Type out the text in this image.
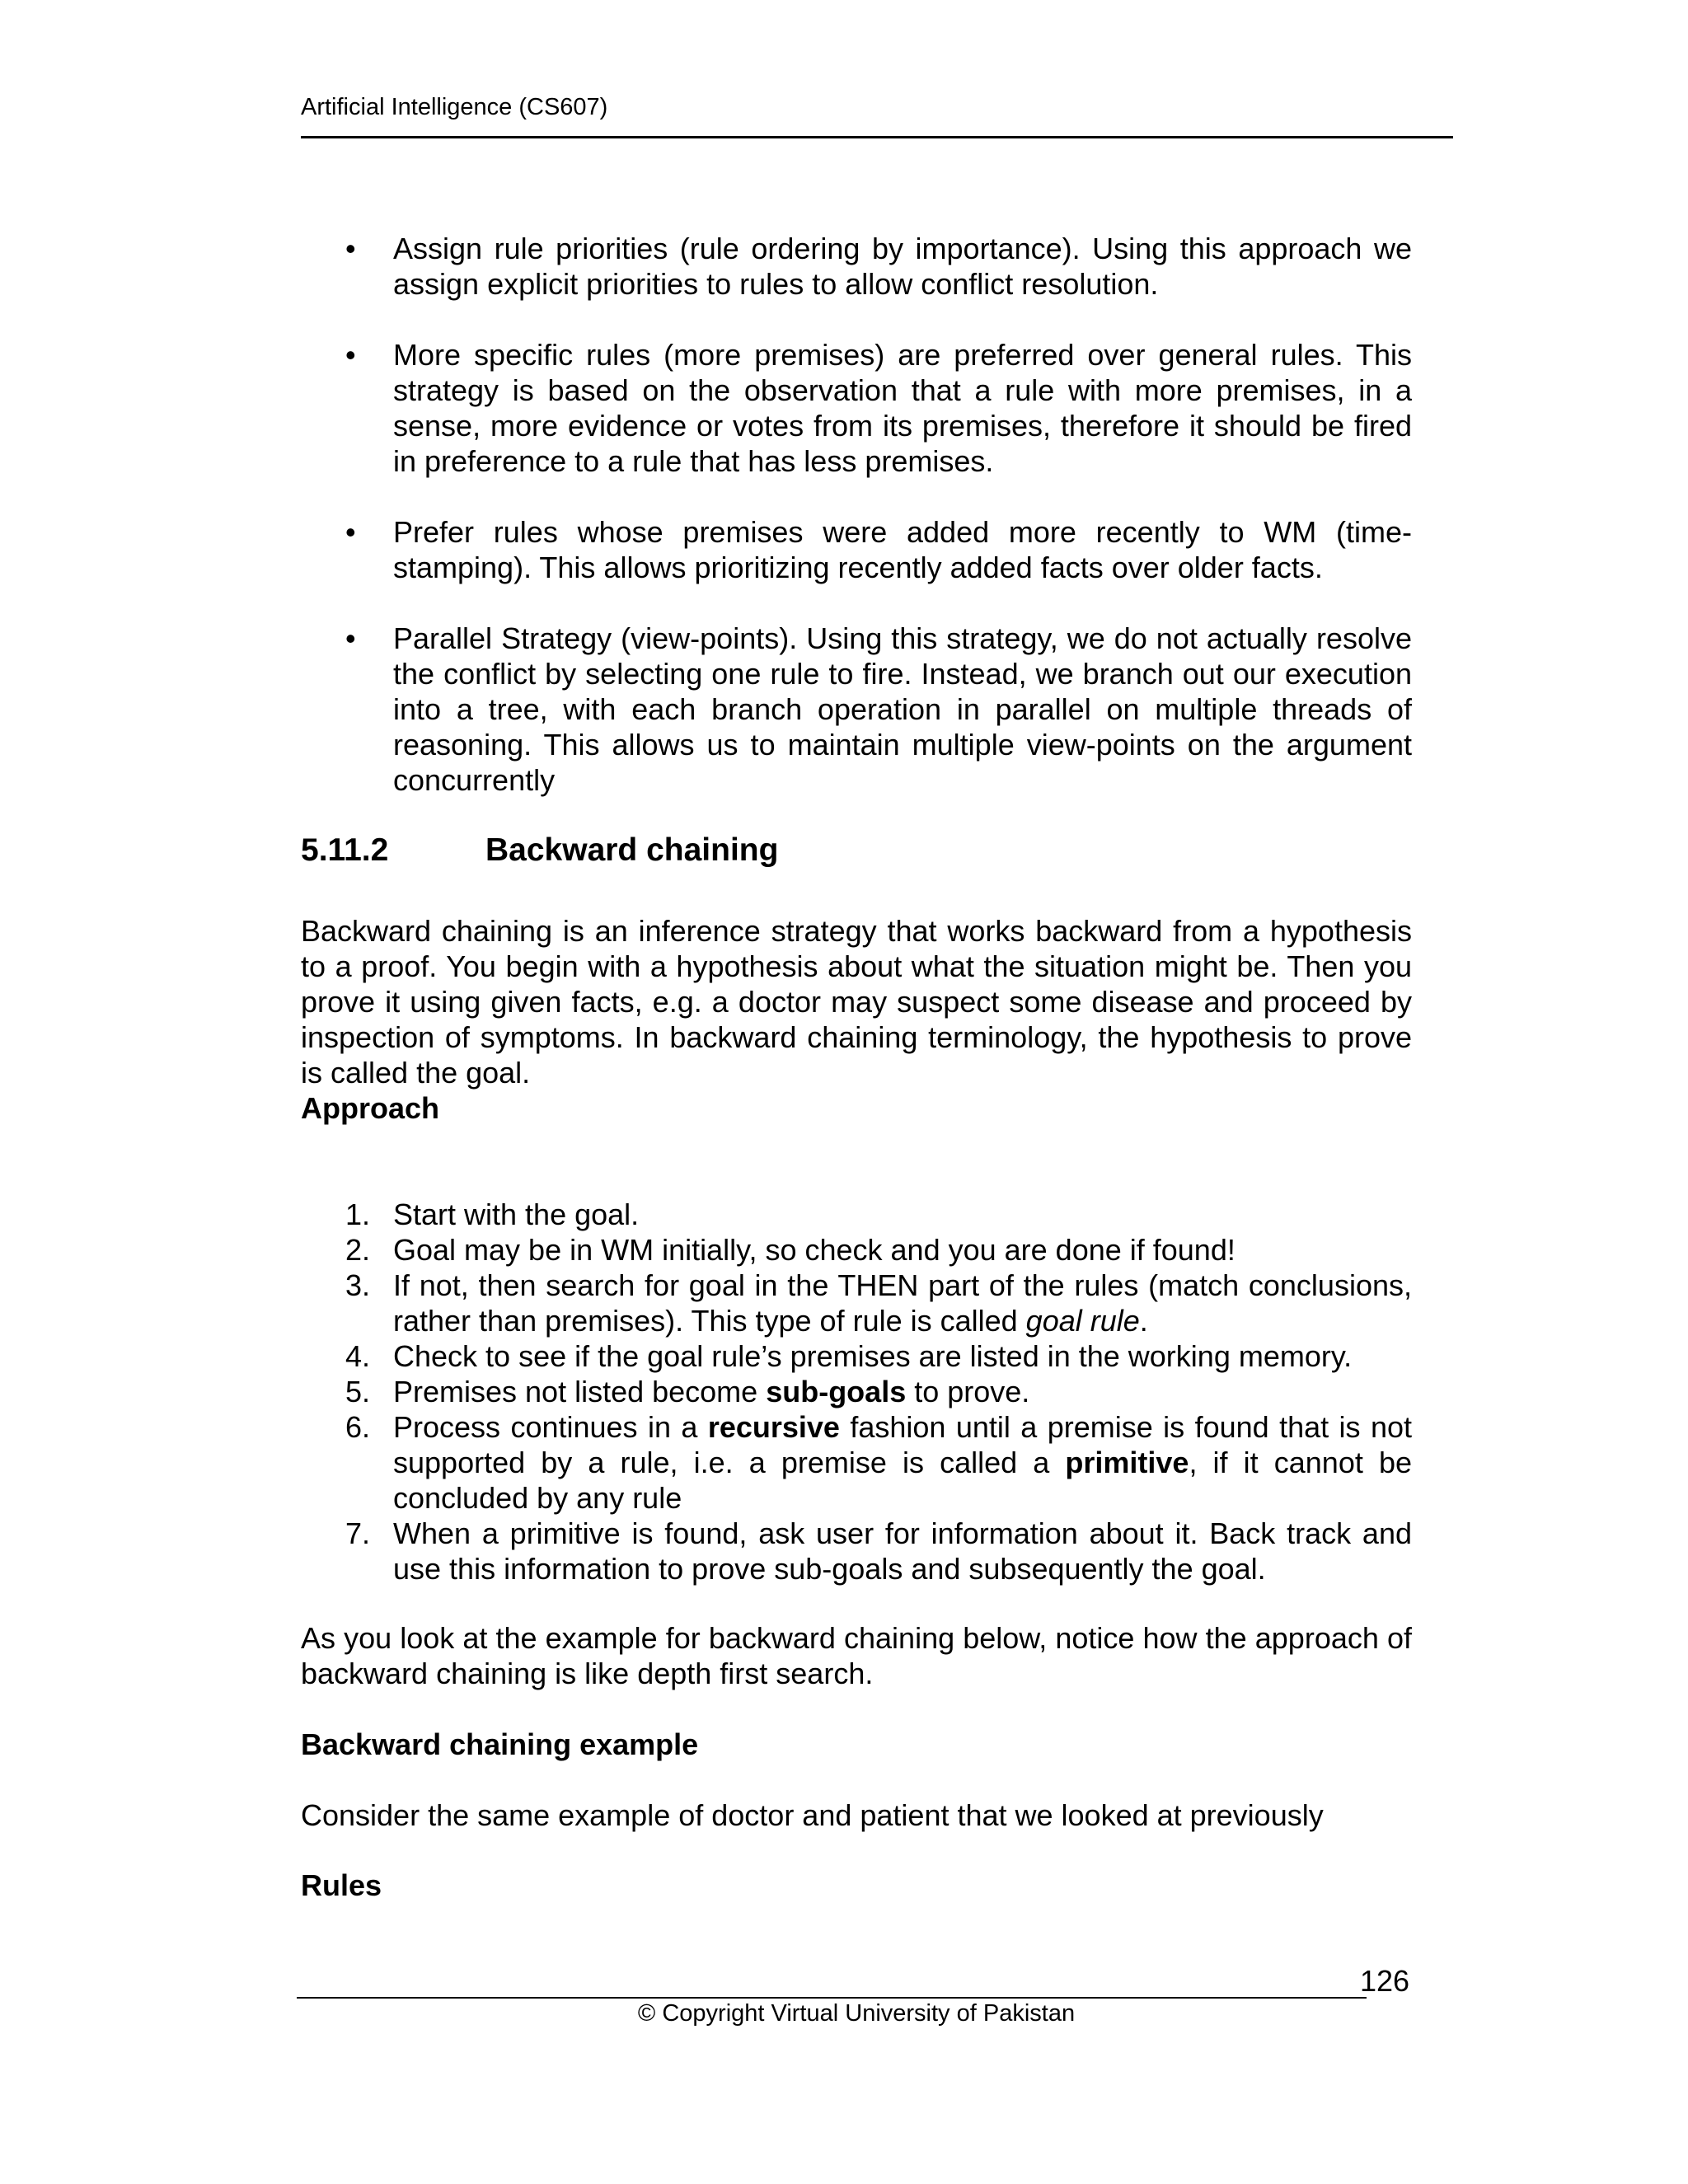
Artificial Intelligence (CS607)
• Assign rule priorities (rule ordering by importance). Using this approach we assign explicit priorities to rules to allow conflict resolution.
• More specific rules (more premises) are preferred over general rules. This strategy is based on the observation that a rule with more premises, in a sense, more evidence or votes from its premises, therefore it should be fired in preference to a rule that has less premises.
• Prefer rules whose premises were added more recently to WM (time-stamping). This allows prioritizing recently added facts over older facts.
• Parallel Strategy (view-points). Using this strategy, we do not actually resolve the conflict by selecting one rule to fire. Instead, we branch out our execution into a tree, with each branch operation in parallel on multiple threads of reasoning. This allows us to maintain multiple view-points on the argument concurrently
5.11.2	Backward chaining

Backward chaining is an inference strategy that works backward from a hypothesis to a proof. You begin with a hypothesis about what the situation might be. Then you prove it using given facts, e.g. a doctor may suspect some disease and proceed by inspection of symptoms. In backward chaining terminology, the hypothesis to prove is called the goal.

Approach

1. Start with the goal.
2. Goal may be in WM initially, so check and you are done if found!
3. If not, then search for goal in the THEN part of the rules (match conclusions, rather than premises). This type of rule is called goal rule.
4. Check to see if the goal rule’s premises are listed in the working memory.
5. Premises not listed become sub-goals to prove.
6. Process continues in a recursive fashion until a premise is found that is not supported by a rule, i.e. a premise is called a primitive, if it cannot be concluded by any rule
7. When a primitive is found, ask user for information about it. Back track and use this information to prove sub-goals and subsequently the goal.

As you look at the example for backward chaining below, notice how the approach of backward chaining is like depth first search.

Backward chaining example

Consider the same example of doctor and patient that we looked at previously

Rules

126
© Copyright Virtual University of Pakistan
